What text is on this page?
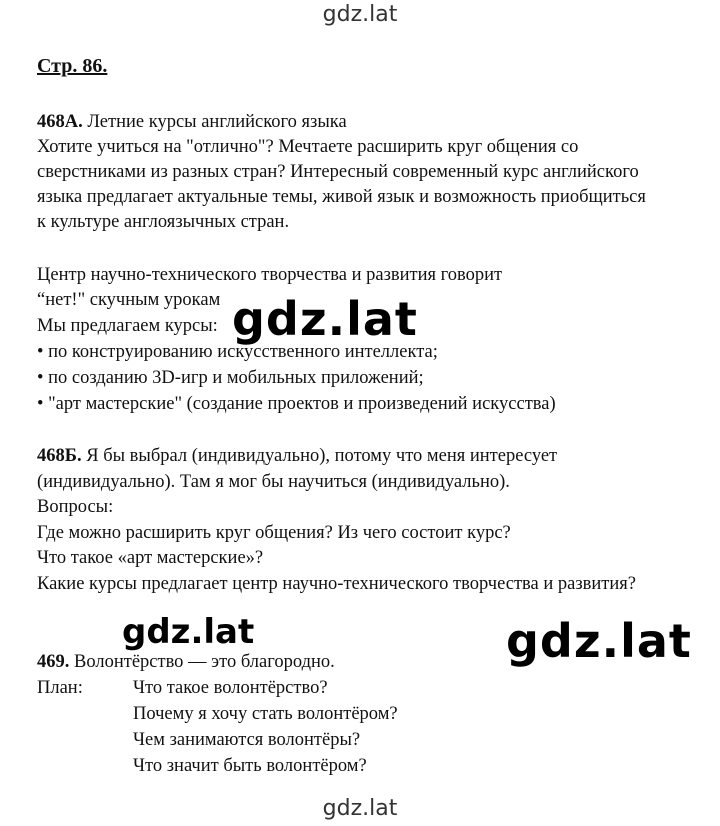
gdz.lat
Стр. 86.
468А. Летние курсы английского языка
Хотите учиться на "отлично"? Мечтаете расширить круг общения со
сверстниками из разных стран? Интересный современный курс английского
языка предлагает актуальные темы, живой язык и возможность приобщиться
к культуре англоязычных стран.
Центр научно-технического творчества и развития говорит
“нет!" скучным урокам
Мы предлагаем курсы:
• по конструированию искусственного интеллекта;
• по созданию 3D-игр и мобильных приложений;
• "арт мастерские" (создание проектов и произведений искусства)
468Б. Я бы выбрал (индивидуально), потому что меня интересует
(индивидуально). Там я мог бы научиться (индивидуально).
Вопросы:
Где можно расширить круг общения? Из чего состоит курс?
Что такое «арт мастерские»?
Какие курсы предлагает центр научно-технического творчества и развития?
469. Волонтёрство — это благородно.
План:	Что такое волонтёрство?
Почему я хочу стать волонтёром?
Чем занимаются волонтёры?
Что значит быть волонтёром?
gdz.lat
gdz.lat	gdz.lat
gdz.lat
